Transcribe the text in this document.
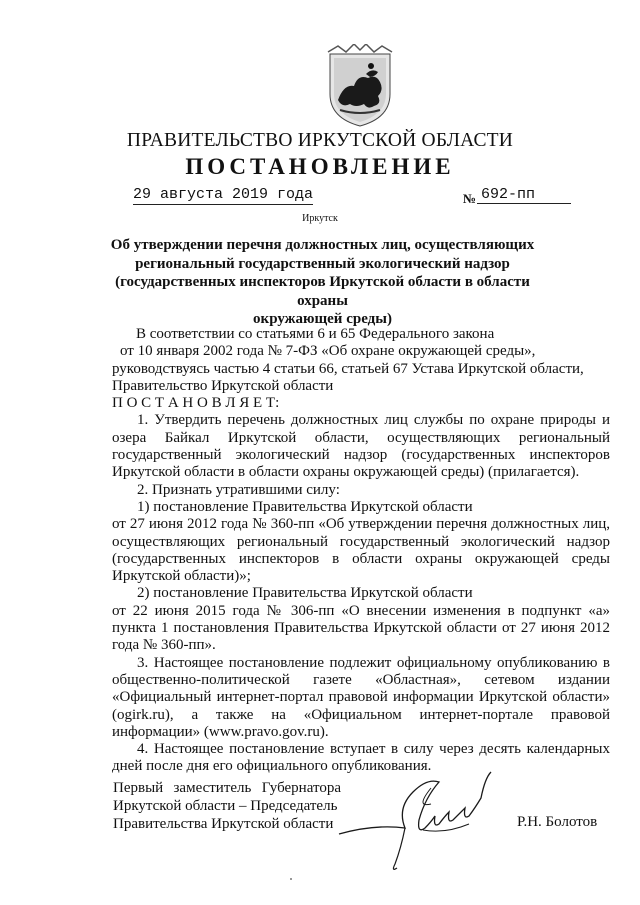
ПРАВИТЕЛЬСТВО ИРКУТСКОЙ ОБЛАСТИ
ПОСТАНОВЛЕНИЕ
29 августа 2019 года	№ 692-пп
Иркутск
Об утверждении перечня должностных лиц, осуществляющих
региональный государственный экологический надзор
(государственных инспекторов Иркутской области в области охраны
окружающей среды)

В соответствии со статьями 6 и 65 Федерального закона

от 10 января 2002 года № 7-ФЗ «Об охране окружающей среды»,

руководствуясь частью 4 статьи 66, статьей 67 Устава Иркутской области,

Правительство Иркутской области

П О С Т А Н О В Л Я Е Т:

1. Утвердить перечень должностных лиц службы по охране природы и озера Байкал Иркутской области, осуществляющих региональный государственный экологический надзор (государственных инспекторов Иркутской области в области охраны окружающей среды) (прилагается).

2. Признать утратившими силу:

1) постановление Правительства Иркутской области

от 27 июня 2012 года № 360-пп «Об утверждении перечня должностных лиц, осуществляющих региональный государственный экологический надзор (государственных инспекторов в области охраны окружающей среды Иркутской области)»;

2) постановление Правительства Иркутской области

от 22 июня 2015 года № 306-пп «О внесении изменения в подпункт «а» пункта 1 постановления Правительства Иркутской области от 27 июня 2012 года № 360-пп».

3. Настоящее постановление подлежит официальному опубликованию в общественно-политической газете «Областная», сетевом издании «Официальный интернет-портал правовой информации Иркутской области» (ogirk.ru), а также на «Официальном интернет-портале правовой информации» (www.pravo.gov.ru).

4. Настоящее постановление вступает в силу через десять календарных дней после дня его официального опубликования.

Первый заместитель Губернатора
Иркутской области – Председатель
Правительства Иркутской области	Р.Н. Болотов
